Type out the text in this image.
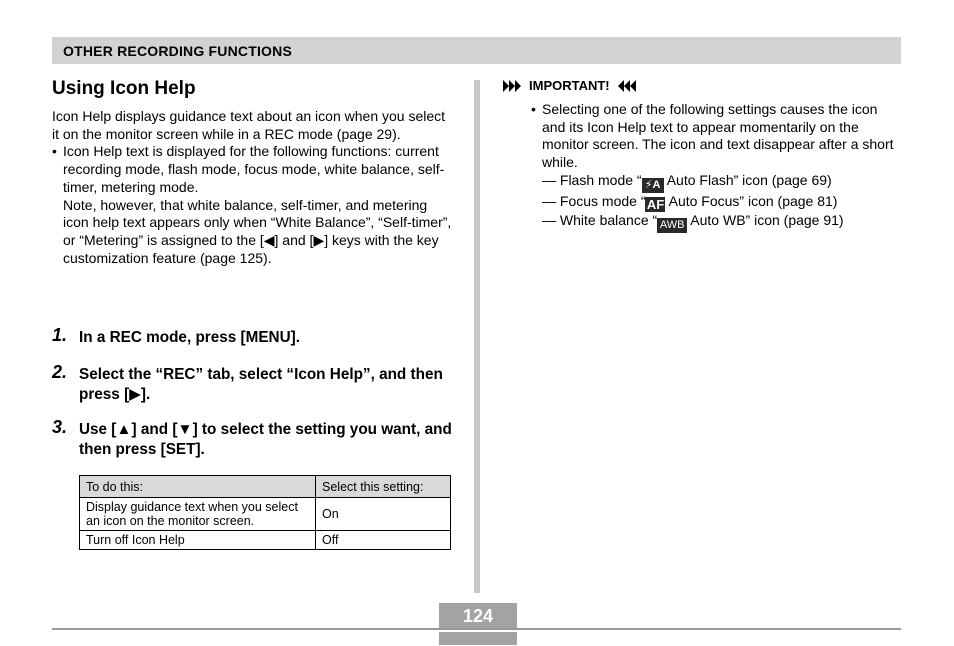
OTHER RECORDING FUNCTIONS
Using Icon Help
Icon Help displays guidance text about an icon when you select it on the monitor screen while in a REC mode (page 29).
• Icon Help text is displayed for the following functions: current recording mode, flash mode, focus mode, white balance, self-timer, metering mode.
Note, however, that white balance, self-timer, and metering icon help text appears only when “White Balance”, “Self-timer”, or “Metering” is assigned to the [◀] and [▶] keys with the key customization feature (page 125).
1. In a REC mode, press [MENU].
2. Select the “REC” tab, select “Icon Help”, and then press [▶].
3. Use [▲] and [▼] to select the setting you want, and then press [SET].
To do this:	Select this setting:
Display guidance text when you select an icon on the monitor screen.	On
Turn off Icon Help	Off
IMPORTANT!
• Selecting one of the following settings causes the icon and its Icon Help text to appear momentarily on the monitor screen. The icon and text disappear after a short while.
— Flash mode “ ⚡A Auto Flash” icon (page 69)
— Focus mode “AF Auto Focus” icon (page 81)
— White balance “ AWB Auto WB” icon (page 91)
124
